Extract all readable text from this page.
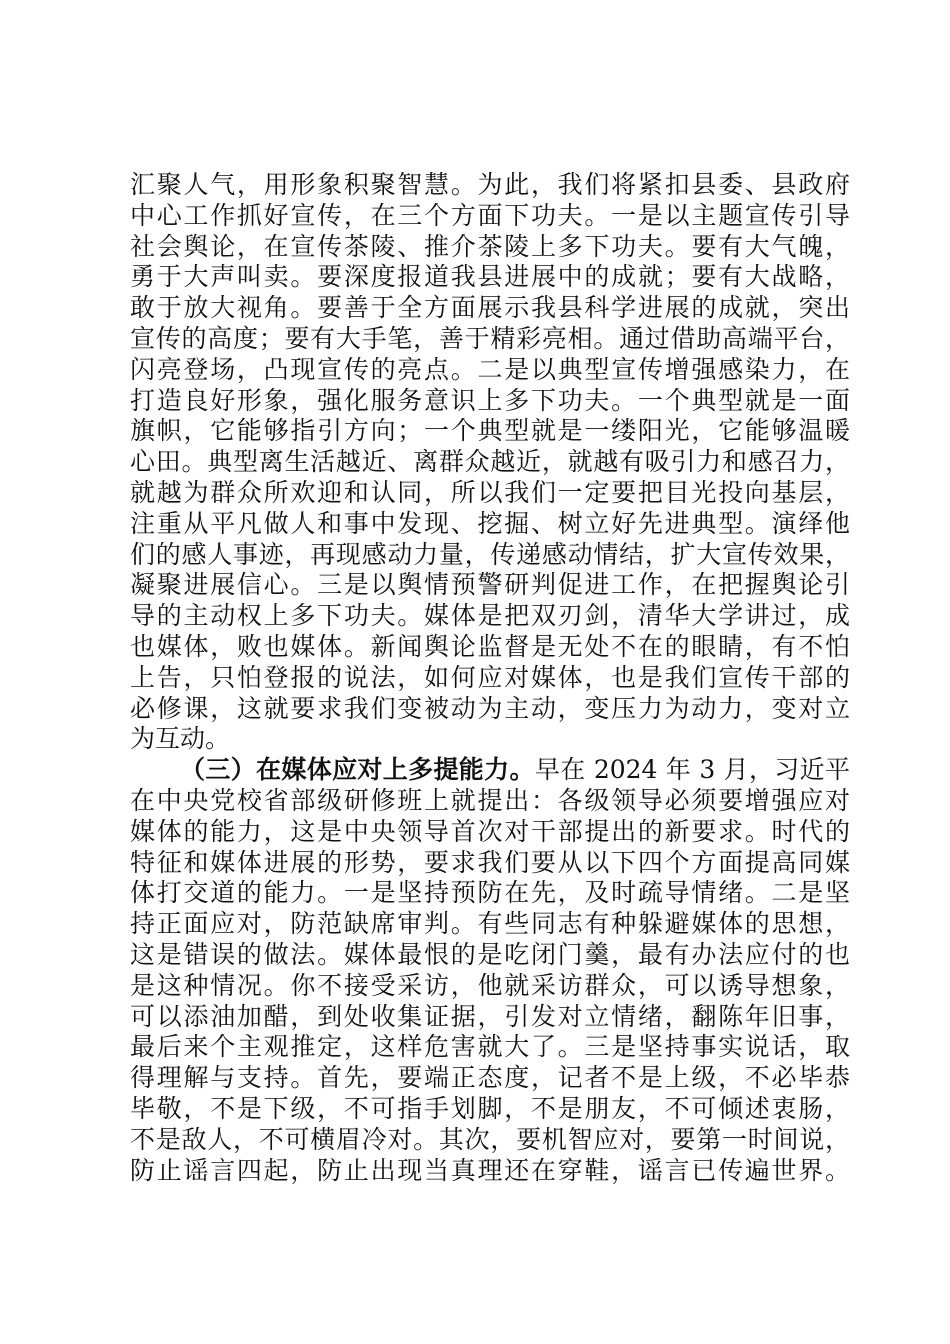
汇聚人气，用形象积聚智慧。为此，我们将紧扣县委、县政府
中心工作抓好宣传，在三个方面下功夫。一是以主题宣传引导
社会舆论，在宣传茶陵、推介茶陵上多下功夫。要有大气魄，
勇于大声叫卖。要深度报道我县进展中的成就；要有大战略，
敢于放大视角。要善于全方面展示我县科学进展的成就，突出
宣传的高度；要有大手笔，善于精彩亮相。通过借助高端平台，
闪亮登场，凸现宣传的亮点。二是以典型宣传增强感染力，在
打造良好形象，强化服务意识上多下功夫。一个典型就是一面
旗帜，它能够指引方向；一个典型就是一缕阳光，它能够温暖
心田。典型离生活越近、离群众越近，就越有吸引力和感召力，
就越为群众所欢迎和认同，所以我们一定要把目光投向基层，
注重从平凡做人和事中发现、挖掘、树立好先进典型。演绎他
们的感人事迹，再现感动力量，传递感动情结，扩大宣传效果，
凝聚进展信心。三是以舆情预警研判促进工作，在把握舆论引
导的主动权上多下功夫。媒体是把双刃剑，清华大学讲过，成
也媒体，败也媒体。新闻舆论监督是无处不在的眼睛，有不怕
上告，只怕登报的说法，如何应对媒体，也是我们宣传干部的
必修课，这就要求我们变被动为主动，变压力为动力，变对立
为互动。
（三）在媒体应对上多提能力。早在 2024 年 3 月，习近平
在中央党校省部级研修班上就提出：各级领导必须要增强应对
媒体的能力，这是中央领导首次对干部提出的新要求。时代的
特征和媒体进展的形势，要求我们要从以下四个方面提高同媒
体打交道的能力。一是坚持预防在先，及时疏导情绪。二是坚
持正面应对，防范缺席审判。有些同志有种躲避媒体的思想，
这是错误的做法。媒体最恨的是吃闭门羹，最有办法应付的也
是这种情况。你不接受采访，他就采访群众，可以诱导想象，
可以添油加醋，到处收集证据，引发对立情绪，翻陈年旧事，
最后来个主观推定，这样危害就大了。三是坚持事实说话，取
得理解与支持。首先，要端正态度，记者不是上级，不必毕恭
毕敬，不是下级，不可指手划脚，不是朋友，不可倾述衷肠，
不是敌人，不可横眉冷对。其次，要机智应对，要第一时间说，
防止谣言四起，防止出现当真理还在穿鞋，谣言已传遍世界。
